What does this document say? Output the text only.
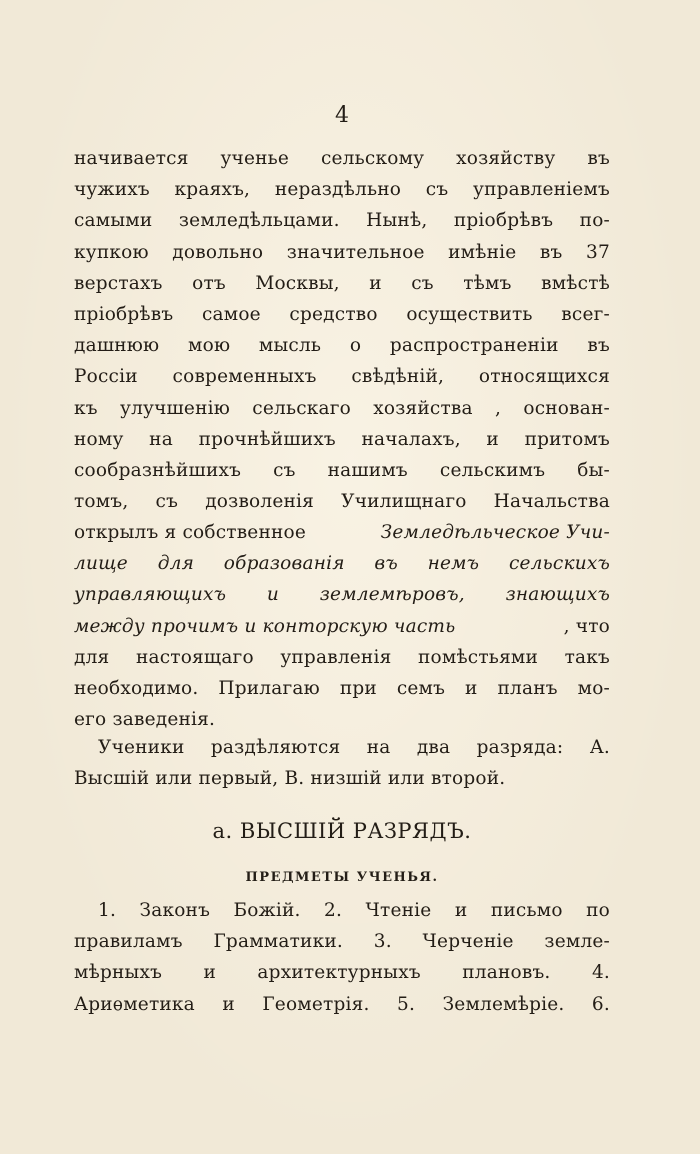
4
начивается ученье сельскому хозяйству въ
чужихъ краяхъ, нераздѣльно съ управленіемъ
самыми земледѣльцами. Нынѣ, пріобрѣвъ по-
купкою довольно значительное имѣніе въ 37
верстахъ отъ Москвы, и съ тѣмъ вмѣстѣ
пріобрѣвъ самое средство осуществить всег-
дашнюю мою мысль о распространеніи въ
Россіи современныхъ свѣдѣній, относящихся
къ улучшенію сельскаго хозяйства , основан-
ному на прочнѣйшихъ началахъ, и притомъ
сообразнѣйшихъ съ нашимъ сельскимъ бы-
томъ, съ дозволенія Училищнаго Начальства
открылъ я собственное	Земледѣльческое Учи-
лище для образованія въ немъ сельскихъ
управляющихъ и землемѣровъ, знающихъ
между прочимъ и конторскую часть	, что
для настоящаго управленія помѣстьями такъ
необходимо. Прилагаю при семъ и планъ мо-
его заведенія.
Ученики раздѣляются на два разряда: А.
Высшій или первый, В. низшій или второй.
а. ВЫСШІЙ РАЗРЯДЪ.
ПРЕДМЕТЫ УЧЕНЬЯ.
1. Законъ Божій. 2. Чтеніе и письмо по
правиламъ Грамматики. 3. Черченіе земле-
мѣрныхъ и архитектурныхъ плановъ. 4.
Ариѳметика и Геометрія. 5. Землемѣріе. 6.
